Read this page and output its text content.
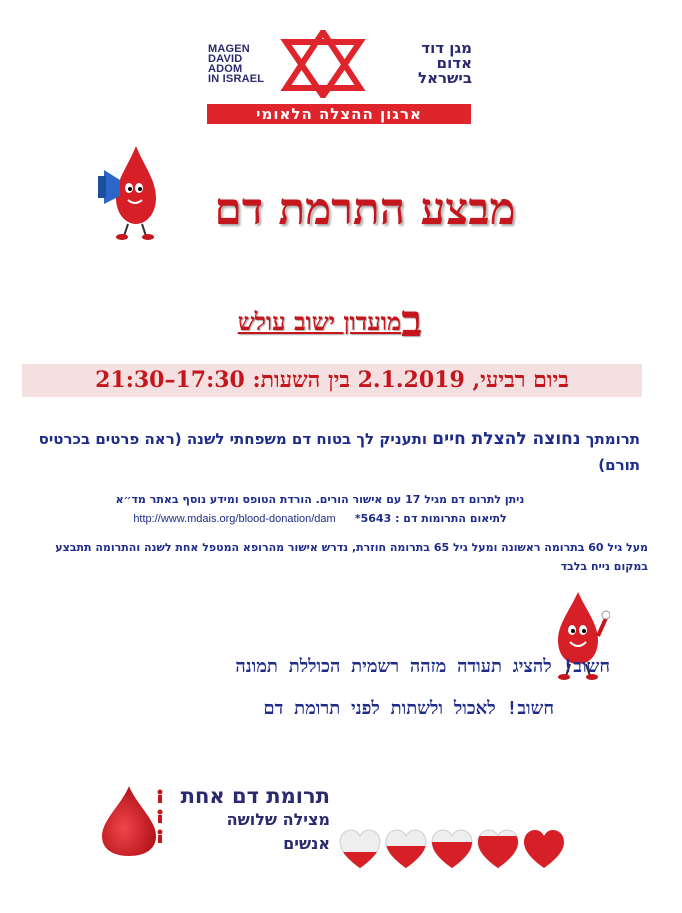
MAGEN
DAVID
ADOM
IN ISRAEL
מגן דוד
אדום
בישראל
ארגון ההצלה הלאומי
מבצע התרמת דם
במועדון ישוב עולש
ביום רביעי, 2.1.2019 בין השעות: 17:30–21:30
תרומתך נחוצה להצלת חיים ותעניק לך בטוח דם משפחתי לשנה (ראה פרטים בכרטיס תורם)
ניתן לתרום דם מגיל 17 עם אישור הורים. הורדת הטופס ומידע נוסף באתר מד״א
לתיאום התרומות דם : 5643*     http://www.mdais.org/blood-donation/dam
מעל גיל 60 בתרומה ראשונה ומעל גיל 65 בתרומה חוזרת, נדרש אישור מהרופא המטפל אחת לשנה והתרומה תתבצע במקום נייח בלבד
חשוב! להציג תעודה מזהה רשמית הכוללת תמונה
חשוב! לאכול ולשתות לפני תרומת דם
תרומת דם אחת
מצילה שלושה אנשים
